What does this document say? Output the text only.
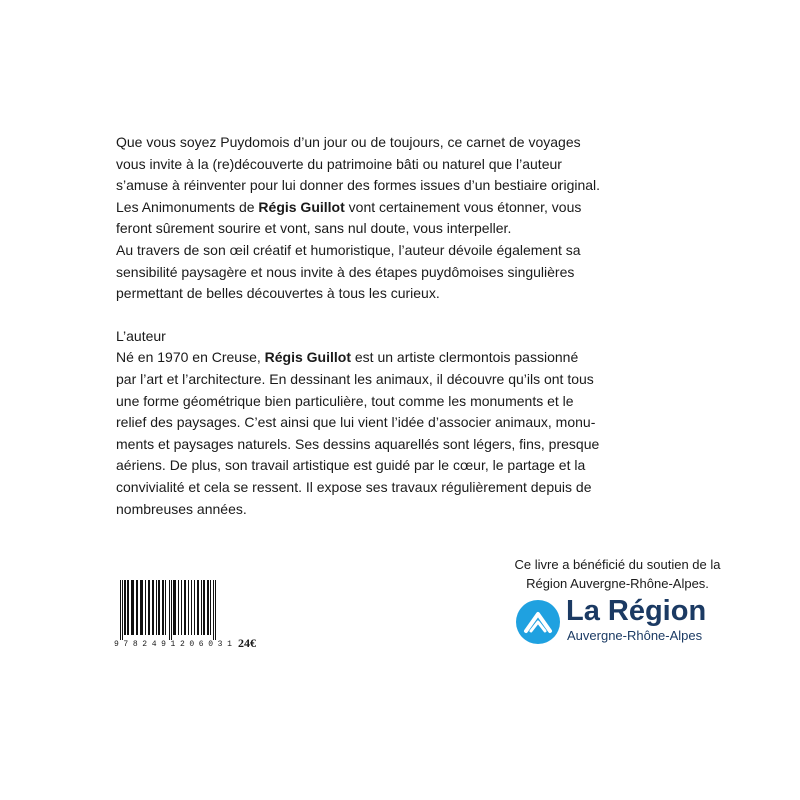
Que vous soyez Puydomois d’un jour ou de toujours, ce carnet de voyages
vous invite à la (re)découverte du patrimoine bâti ou naturel que l’auteur
s’amuse à réinventer pour lui donner des formes issues d’un bestiaire original.
Les Animonuments de Régis Guillot vont certainement vous étonner, vous
feront sûrement sourire et vont, sans nul doute, vous interpeller.
Au travers de son œil créatif et humoristique, l’auteur dévoile également sa
sensibilité paysagère et nous invite à des étapes puydômoises singulières
permettant de belles découvertes à tous les curieux.

L’auteur
Né en 1970 en Creuse, Régis Guillot est un artiste clermontois passionné
par l’art et l’architecture. En dessinant les animaux, il découvre qu’ils ont tous
une forme géométrique bien particulière, tout comme les monuments et le
relief des paysages. C’est ainsi que lui vient l’idée d’associer animaux, monu-
ments et paysages naturels. Ses dessins aquarellés sont légers, fins, presque
aériens. De plus, son travail artistique est guidé par le cœur, le partage et la
convivialité et cela se ressent. Il expose ses travaux régulièrement depuis de
nombreuses années.

Ce livre a bénéficié du soutien de la
Région Auvergne-Rhône-Alpes.
La Région
Auvergne-Rhône-Alpes
9 7 8 2 4 9 1 2 0 6 0 3 1 24€
